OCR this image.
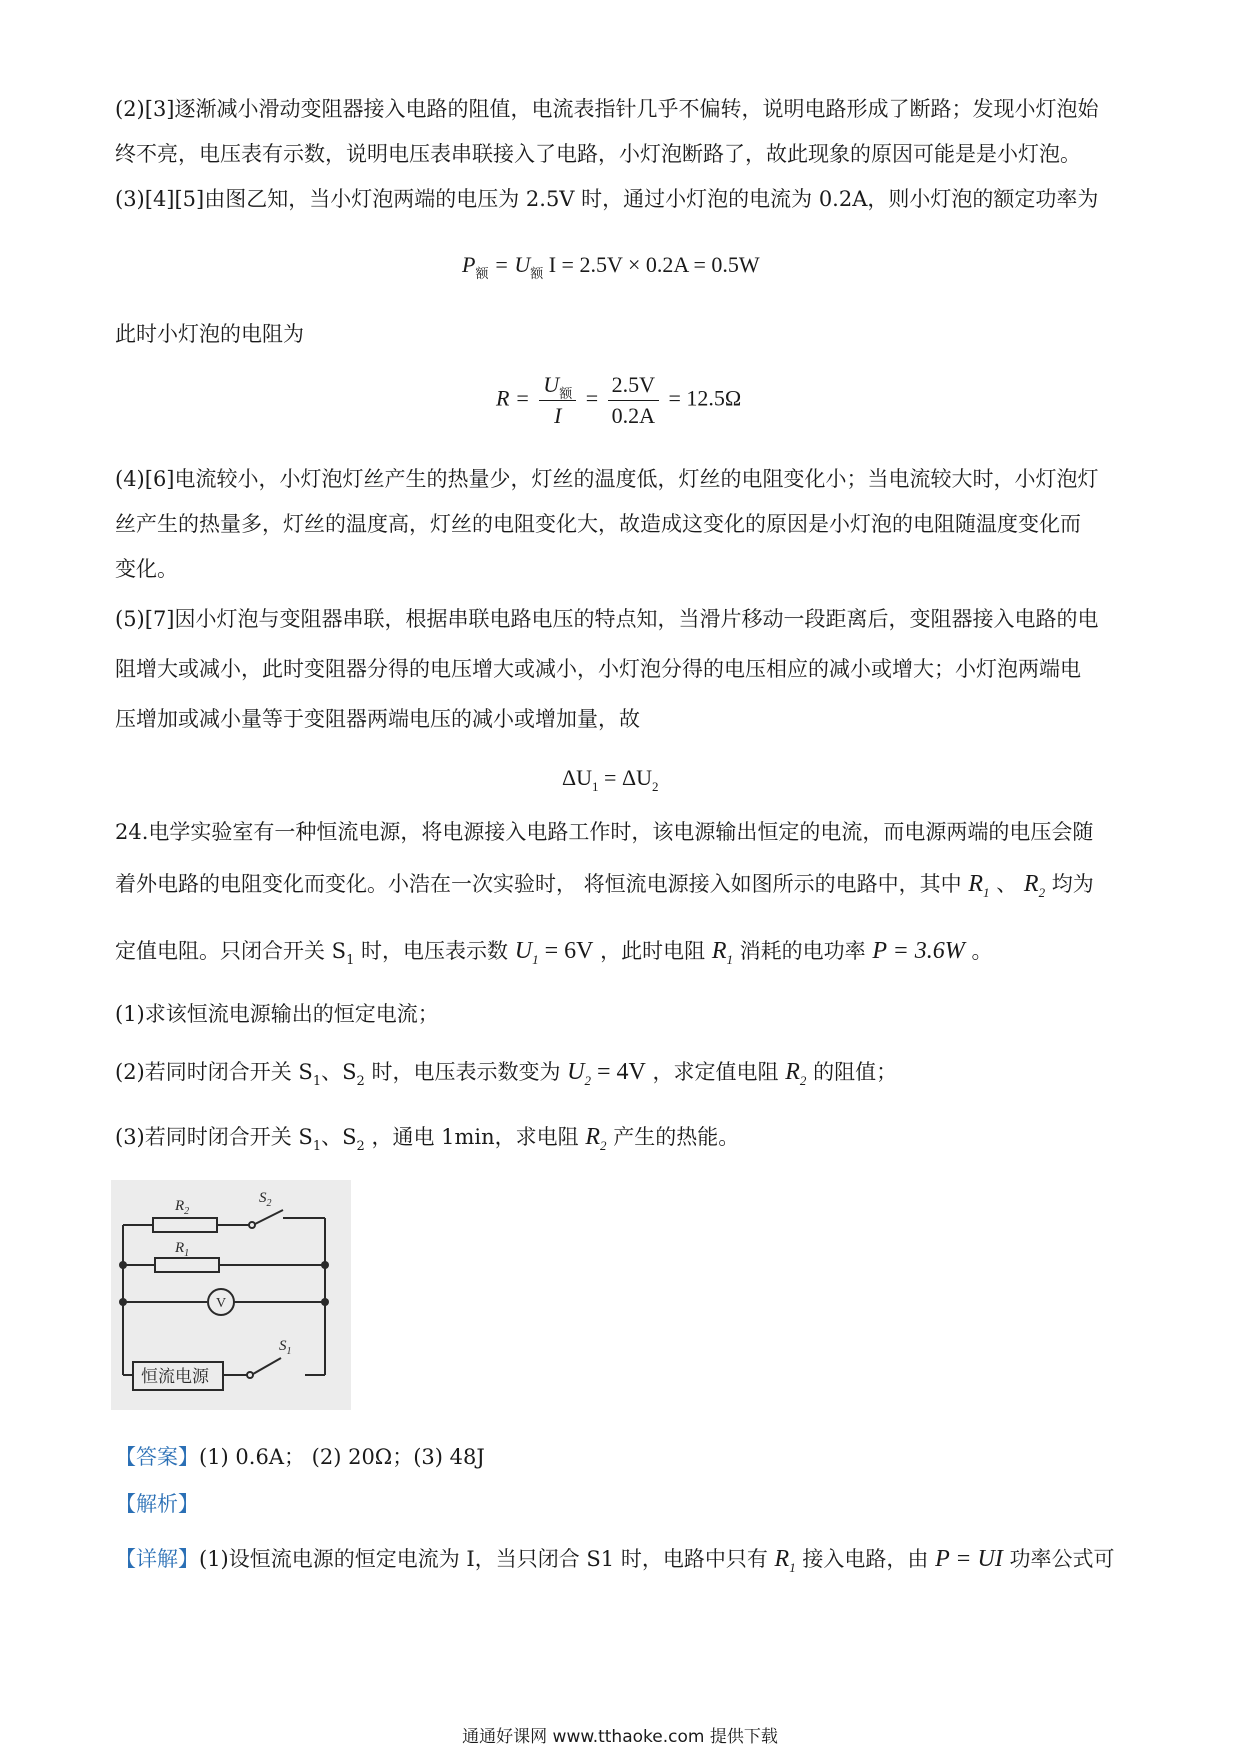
(2)[3]逐渐减小滑动变阻器接入电路的阻值，电流表指针几乎不偏转，说明电路形成了断路；发现小灯泡始
终不亮，电压表有示数，说明电压表串联接入了电路，小灯泡断路了，故此现象的原因可能是是小灯泡。
(3)[4][5]由图乙知，当小灯泡两端的电压为 2.5V 时，通过小灯泡的电流为 0.2A，则小灯泡的额定功率为
$P_额 = U_额$ I = 2.5V × 0.2A = 0.5W
此时小灯泡的电阻为
$R = \frac{U_额}{I} = \frac{2.5V}{0.2A} = 12.5\Omega$
(4)[6]电流较小，小灯泡灯丝产生的热量少，灯丝的温度低，灯丝的电阻变化小；当电流较大时，小灯泡灯
丝产生的热量多，灯丝的温度高，灯丝的电阻变化大，故造成这变化的原因是小灯泡的电阻随温度变化而
变化。
(5)[7]因小灯泡与变阻器串联，根据串联电路电压的特点知，当滑片移动一段距离后，变阻器接入电路的电
阻增大或减小，此时变阻器分得的电压增大或减小，小灯泡分得的电压相应的减小或增大；小灯泡两端电
压增加或减小量等于变阻器两端电压的减小或增加量，故
$\Delta U_1 = \Delta U_2$
24.电学实验室有一种恒流电源，将电源接入电路工作时，该电源输出恒定的电流，而电源两端的电压会随
着外电路的电阻变化而变化。小浩在一次实验时， 将恒流电源接入如图所示的电路中，其中 $R_1$ 、 $R_2$ 均为
定值电阻。只闭合开关 $S_1$ 时，电压表示数 $U_1 = 6V$ ，此时电阻 $R_1$ 消耗的电功率 P = 3.6W 。
(1)求该恒流电源输出的恒定电流；
(2)若同时闭合开关 $S_1$、$S_2$ 时，电压表示数变为 $U_2 = 4V$ ，求定值电阻 $R_2$ 的阻值；
(3)若同时闭合开关 $S_1$、$S_2$ ，通电 1min，求电阻 $R_2$ 产生的热能。
$R_2$
$R_1$
$S_2$
$S_1$
V
恒流电源
【答案】(1) 0.6A； (2) 20Ω；(3) 48J
【解析】
【详解】(1)设恒流电源的恒定电流为 I，当只闭合 S1 时，电路中只有 $R_1$ 接入电路，由 P = UI 功率公式可
通通好课网 www.tthaoke.com 提供下载
